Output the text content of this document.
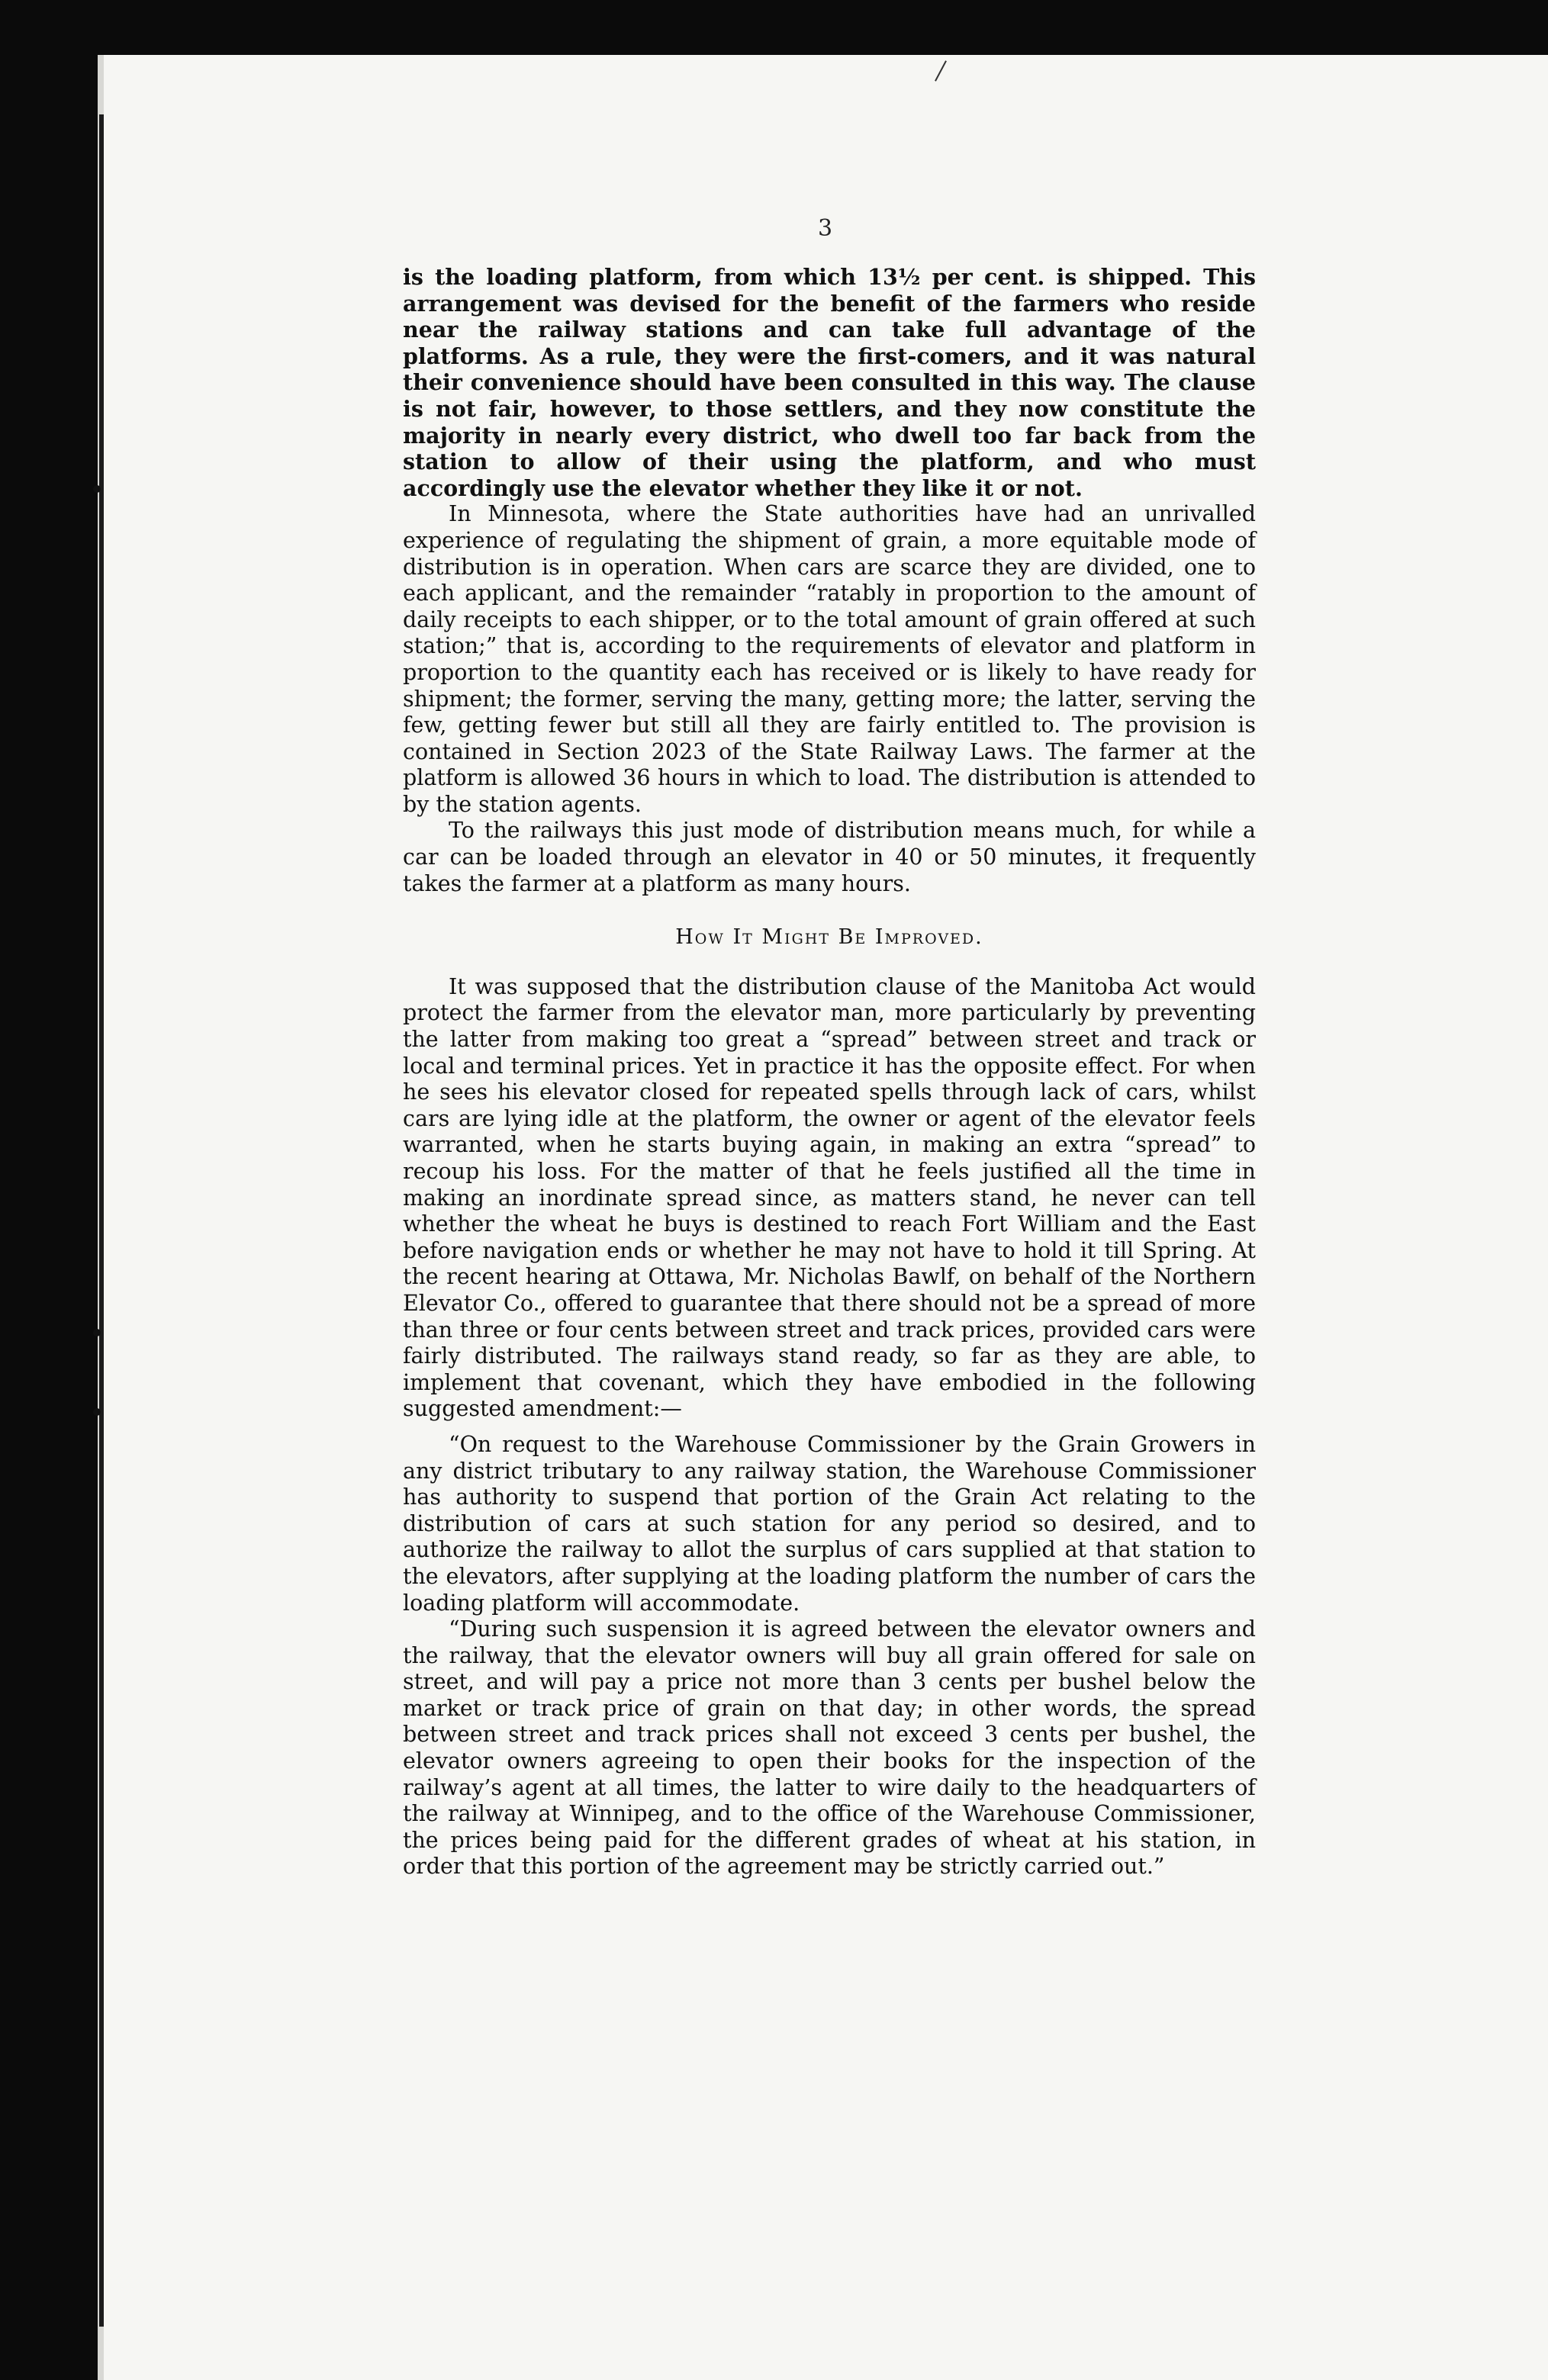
3

is the loading platform, from which 13½ per cent. is shipped. This arrangement was devised for the benefit of the farmers who reside near the railway stations and can take full advantage of the platforms. As a rule, they were the first-comers, and it was natural their convenience should have been consulted in this way. The clause is not fair, however, to those settlers, and they now constitute the majority in nearly every district, who dwell too far back from the station to allow of their using the platform, and who must accordingly use the elevator whether they like it or not.

In Minnesota, where the State authorities have had an unrivalled experience of regulating the shipment of grain, a more equitable mode of distribution is in operation. When cars are scarce they are divided, one to each applicant, and the remainder “ratably in proportion to the amount of daily receipts to each shipper, or to the total amount of grain offered at such station;” that is, according to the requirements of elevator and platform in proportion to the quantity each has received or is likely to have ready for shipment; the former, serving the many, getting more; the latter, serving the few, getting fewer but still all they are fairly entitled to. The provision is contained in Section 2023 of the State Railway Laws. The farmer at the platform is allowed 36 hours in which to load. The distribution is attended to by the station agents.

To the railways this just mode of distribution means much, for while a car can be loaded through an elevator in 40 or 50 minutes, it frequently takes the farmer at a platform as many hours.

How It Might Be Improved.

It was supposed that the distribution clause of the Manitoba Act would protect the farmer from the elevator man, more particularly by preventing the latter from making too great a “spread” between street and track or local and terminal prices. Yet in practice it has the opposite effect. For when he sees his elevator closed for repeated spells through lack of cars, whilst cars are lying idle at the platform, the owner or agent of the elevator feels warranted, when he starts buying again, in making an extra “spread” to recoup his loss. For the matter of that he feels justified all the time in making an inordinate spread since, as matters stand, he never can tell whether the wheat he buys is destined to reach Fort William and the East before navigation ends or whether he may not have to hold it till Spring. At the recent hearing at Ottawa, Mr. Nicholas Bawlf, on behalf of the Northern Elevator Co., offered to guarantee that there should not be a spread of more than three or four cents between street and track prices, provided cars were fairly distributed. The railways stand ready, so far as they are able, to implement that covenant, which they have embodied in the following suggested amendment:—

“On request to the Warehouse Commissioner by the Grain Growers in any district tributary to any railway station, the Warehouse Commissioner has authority to suspend that portion of the Grain Act relating to the distribution of cars at such station for any period so desired, and to authorize the railway to allot the surplus of cars supplied at that station to the elevators, after supplying at the loading platform the number of cars the loading platform will accommodate.

“During such suspension it is agreed between the elevator owners and the railway, that the elevator owners will buy all grain offered for sale on street, and will pay a price not more than 3 cents per bushel below the market or track price of grain on that day; in other words, the spread between street and track prices shall not exceed 3 cents per bushel, the elevator owners agreeing to open their books for the inspection of the railway’s agent at all times, the latter to wire daily to the headquarters of the railway at Winnipeg, and to the office of the Warehouse Commissioner, the prices being paid for the different grades of wheat at his station, in order that this portion of the agreement may be strictly carried out.”
